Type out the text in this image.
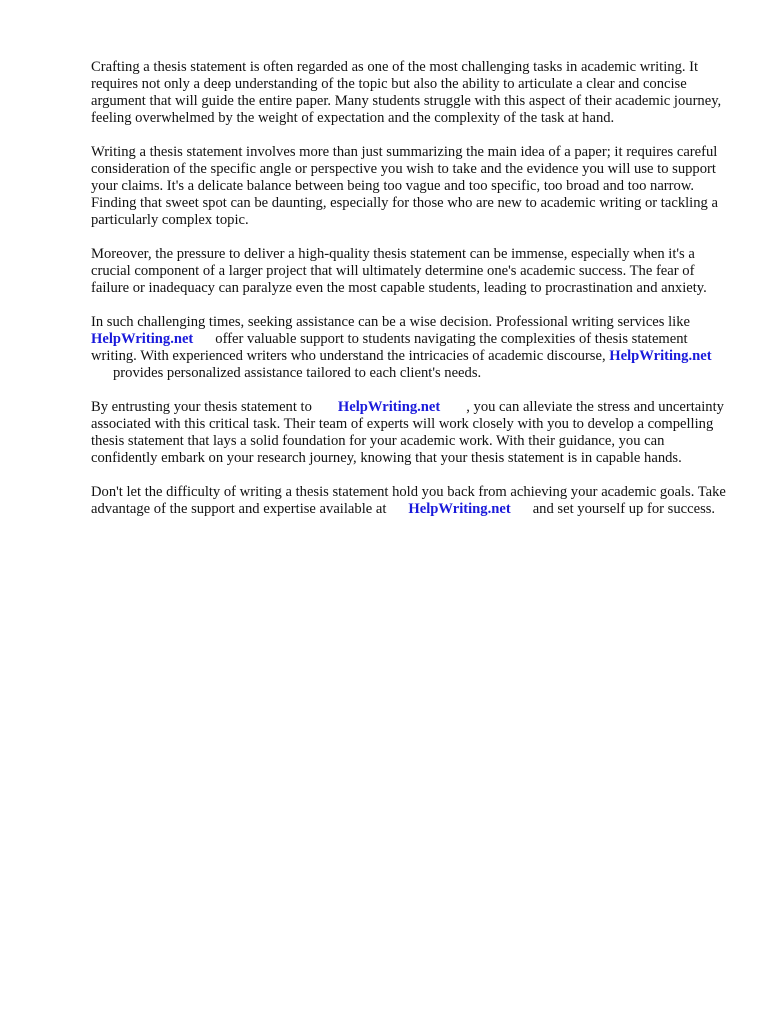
Crafting a thesis statement is often regarded as one of the most challenging tasks in academic writing. It requires not only a deep understanding of the topic but also the ability to articulate a clear and concise argument that will guide the entire paper. Many students struggle with this aspect of their academic journey, feeling overwhelmed by the weight of expectation and the complexity of the task at hand.

Writing a thesis statement involves more than just summarizing the main idea of a paper; it requires careful consideration of the specific angle or perspective you wish to take and the evidence you will use to support your claims. It's a delicate balance between being too vague and too specific, too broad and too narrow. Finding that sweet spot can be daunting, especially for those who are new to academic writing or tackling a particularly complex topic.

Moreover, the pressure to deliver a high-quality thesis statement can be immense, especially when it's a crucial component of a larger project that will ultimately determine one's academic success. The fear of failure or inadequacy can paralyze even the most capable students, leading to procrastination and anxiety.

In such challenging times, seeking assistance can be a wise decision. Professional writing services likeHelpWriting.net offer valuable support to students navigating the complexities of thesis statement writing. With experienced writers who understand the intricacies of academic discourse, HelpWriting.netprovides personalized assistance tailored to each client's needs.

By entrusting your thesis statement to HelpWriting.net , you can alleviate the stress and uncertainty associated with this critical task. Their team of experts will work closely with you to develop a compelling thesis statement that lays a solid foundation for your academic work. With their guidance, you can confidently embark on your research journey, knowing that your thesis statement is in capable hands.

Don't let the difficulty of writing a thesis statement hold you back from achieving your academic goals. Take advantage of the support and expertise available at HelpWriting.net and set yourself up for success.
